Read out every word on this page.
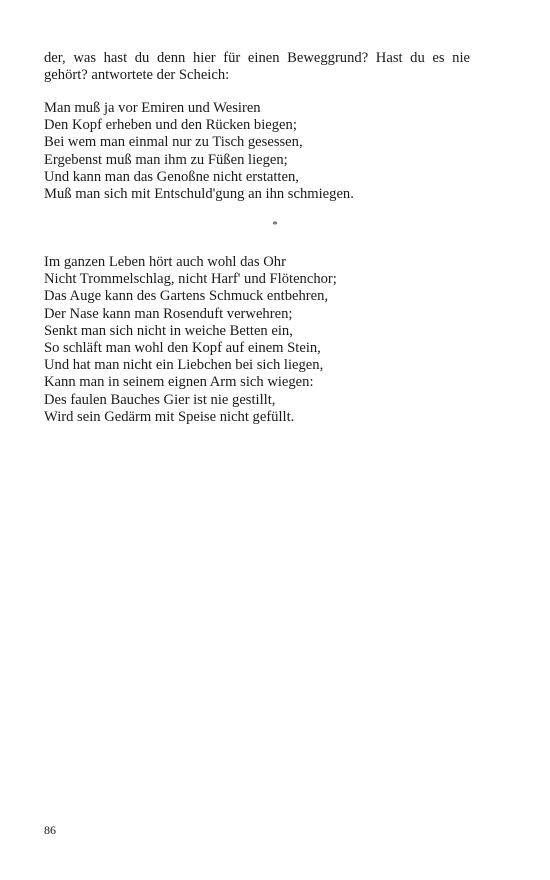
der, was hast du denn hier für einen Beweggrund? Hast du es nie
gehört? antwortete der Scheich:
Man muß ja vor Emiren und Wesiren
Den Kopf erheben und den Rücken biegen;
Bei wem man einmal nur zu Tisch gesessen,
Ergebenst muß man ihm zu Füßen liegen;
Und kann man das Genoßne nicht erstatten,
Muß man sich mit Entschuld'gung an ihn schmiegen.
*
Im ganzen Leben hört auch wohl das Ohr
Nicht Trommelschlag, nicht Harf' und Flötenchor;
Das Auge kann des Gartens Schmuck entbehren,
Der Nase kann man Rosenduft verwehren;
Senkt man sich nicht in weiche Betten ein,
So schläft man wohl den Kopf auf einem Stein,
Und hat man nicht ein Liebchen bei sich liegen,
Kann man in seinem eignen Arm sich wiegen:
Des faulen Bauches Gier ist nie gestillt,
Wird sein Gedärm mit Speise nicht gefüllt.
86
